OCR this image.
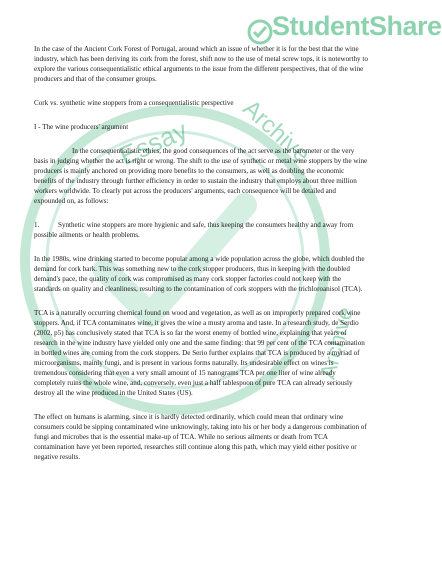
StudentShare
Essay Archive
Archive

In the case of the Ancient Cork Forest of Portugal, around which an issue of whether it is for the best that the wine industry, which has been deriving its cork from the forest, shift now to the use of metal screw tops, it is noteworthy to explore the various consequentialistic ethical arguments to the issue from the different perspectives, that of the wine producers and that of the consumer groups.

Cork vs. synthetic wine stoppers from a consequentialistic perspective

I - The wine producers' argument

In the consequentialistic ethics, the good consequences of the act serve as the barometer or the very basis in judging whether the act is right or wrong. The shift to the use of synthetic or metal wine stoppers by the wine producers is mainly anchored on providing more benefits to the consumers, as well as doubling the economic benefits of the industry through further efficiency in order to sustain the industry that employs about three million workers worldwide. To clearly put across the producers' arguments, each consequence will be detailed and expounded on, as follows:

1.	Synthetic wine stoppers are more hygienic and safe, thus keeping the consumers healthy and away from possible ailments or health problems.

In the 1980s, wine drinking started to become popular among a wide population across the globe, which doubled the demand for cork bark. This was something new to the cork stopper producers, thus in keeping with the doubled demand's pace, the quality of cork was compromised as many cork stopper factories could not keep with the standards on quality and cleanliness, resulting to the contamination of cork stoppers with the trichloroanisol (TCA).

TCA is a naturally occurring chemical found on wood and vegetation, as well as on improperly prepared cork wine stoppers. And, if TCA contaminates wine, it gives the wine a musty aroma and taste. In a research study, de Serdio (2002, p5) has conclusively stated that TCA is so far the worst enemy of bottled wine, explaining that years of research in the wine industry have yielded only one and the same finding: that 99 per cent of the TCA contamination in bottled wines are coming from the cork stoppers. De Serio further explains that TCA is produced by a myriad of microorganisms, mainly fungi, and is present in various forms naturally. Its undesirable effect on wines is tremendous considering that even a very small amount of 15 nanograms TCA per one liter of wine already completely ruins the whole wine, and, conversely, even just a half tablespoon of pure TCA can already seriously destroy all the wine produced in the United States (US).

The effect on humans is alarming, since it is hardly detected ordinarily, which could mean that ordinary wine consumers could be sipping contaminated wine unknowingly, taking into his or her body a dangerous combination of fungi and microbes that is the essential make-up of TCA. While no serious ailments or death from TCA contamination have yet been reported, researches still continue along this path, which may yield either positive or negative results.
